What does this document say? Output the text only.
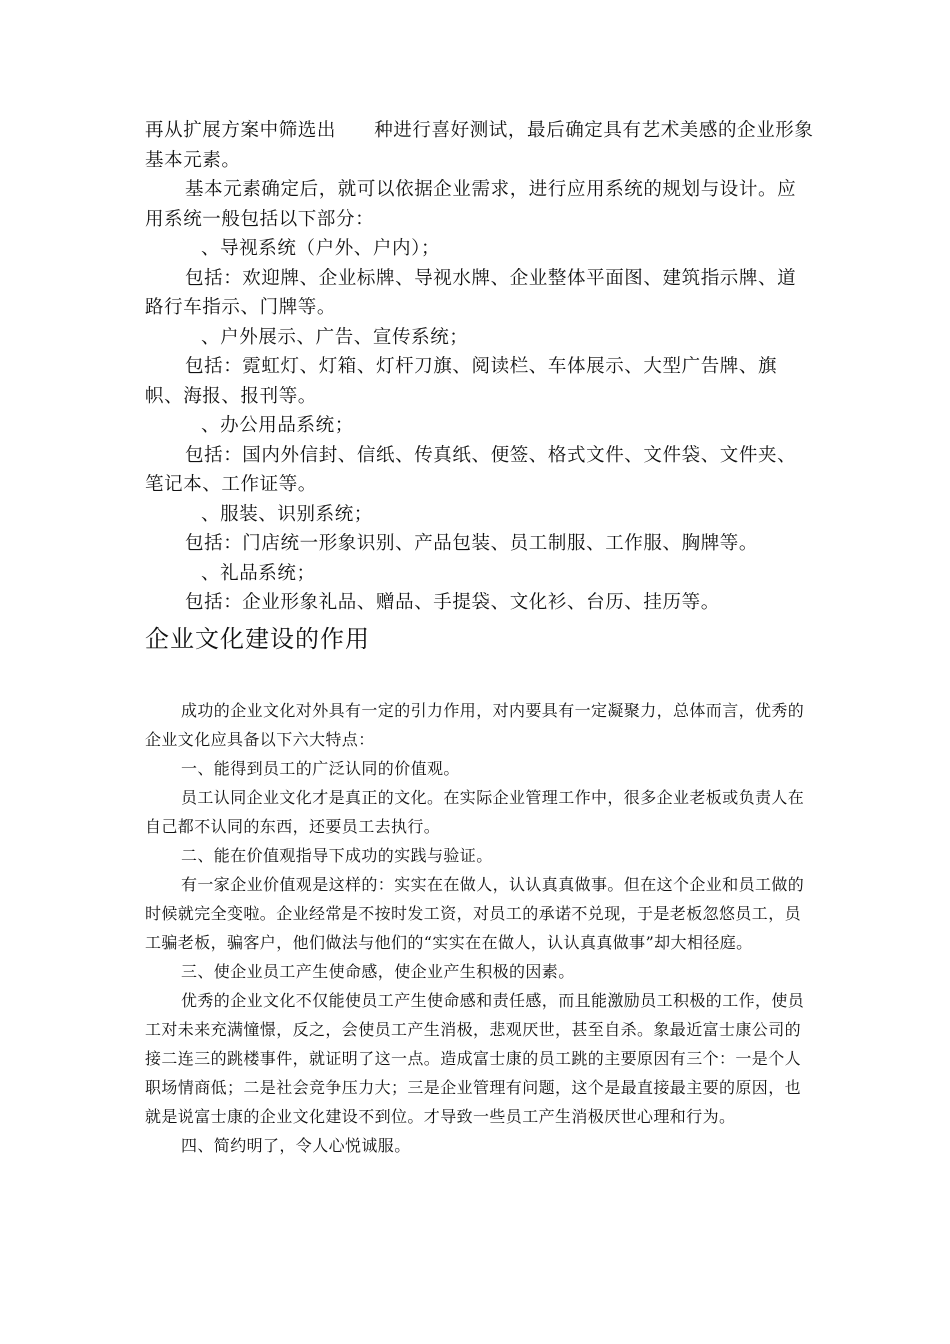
再从扩展方案中筛选出　　种进行喜好测试，最后确定具有艺术美感的企业形象基本元素。

基本元素确定后，就可以依据企业需求，进行应用系统的规划与设计。应用系统一般包括以下部分：

、导视系统（户外、户内）；

包括：欢迎牌、企业标牌、导视水牌、企业整体平面图、建筑指示牌、道路行车指示、门牌等。

、户外展示、广告、宣传系统；

包括：霓虹灯、灯箱、灯杆刀旗、阅读栏、车体展示、大型广告牌、旗帜、海报、报刊等。

、办公用品系统；

包括：国内外信封、信纸、传真纸、便签、格式文件、文件袋、文件夹、笔记本、工作证等。

、服装、识别系统；

包括：门店统一形象识别、产品包装、员工制服、工作服、胸牌等。

、礼品系统；

包括：企业形象礼品、赠品、手提袋、文化衫、台历、挂历等。

企业文化建设的作用

成功的企业文化对外具有一定的引力作用，对内要具有一定凝聚力，总体而言，优秀的企业文化应具备以下六大特点：

一、能得到员工的广泛认同的价值观。

员工认同企业文化才是真正的文化。在实际企业管理工作中，很多企业老板或负责人在自己都不认同的东西，还要员工去执行。

二、能在价值观指导下成功的实践与验证。

有一家企业价值观是这样的：实实在在做人，认认真真做事。但在这个企业和员工做的时候就完全变啦。企业经常是不按时发工资，对员工的承诺不兑现，于是老板忽悠员工，员工骗老板，骗客户，他们做法与他们的“实实在在做人，认认真真做事”却大相径庭。

三、使企业员工产生使命感，使企业产生积极的因素。

优秀的企业文化不仅能使员工产生使命感和责任感，而且能激励员工积极的工作，使员工对未来充满憧憬，反之，会使员工产生消极，悲观厌世，甚至自杀。象最近富士康公司的接二连三的跳楼事件，就证明了这一点。造成富士康的员工跳的主要原因有三个：一是个人职场情商低；二是社会竞争压力大；三是企业管理有问题，这个是最直接最主要的原因，也就是说富士康的企业文化建设不到位。才导致一些员工产生消极厌世心理和行为。

四、简约明了，令人心悦诚服。
